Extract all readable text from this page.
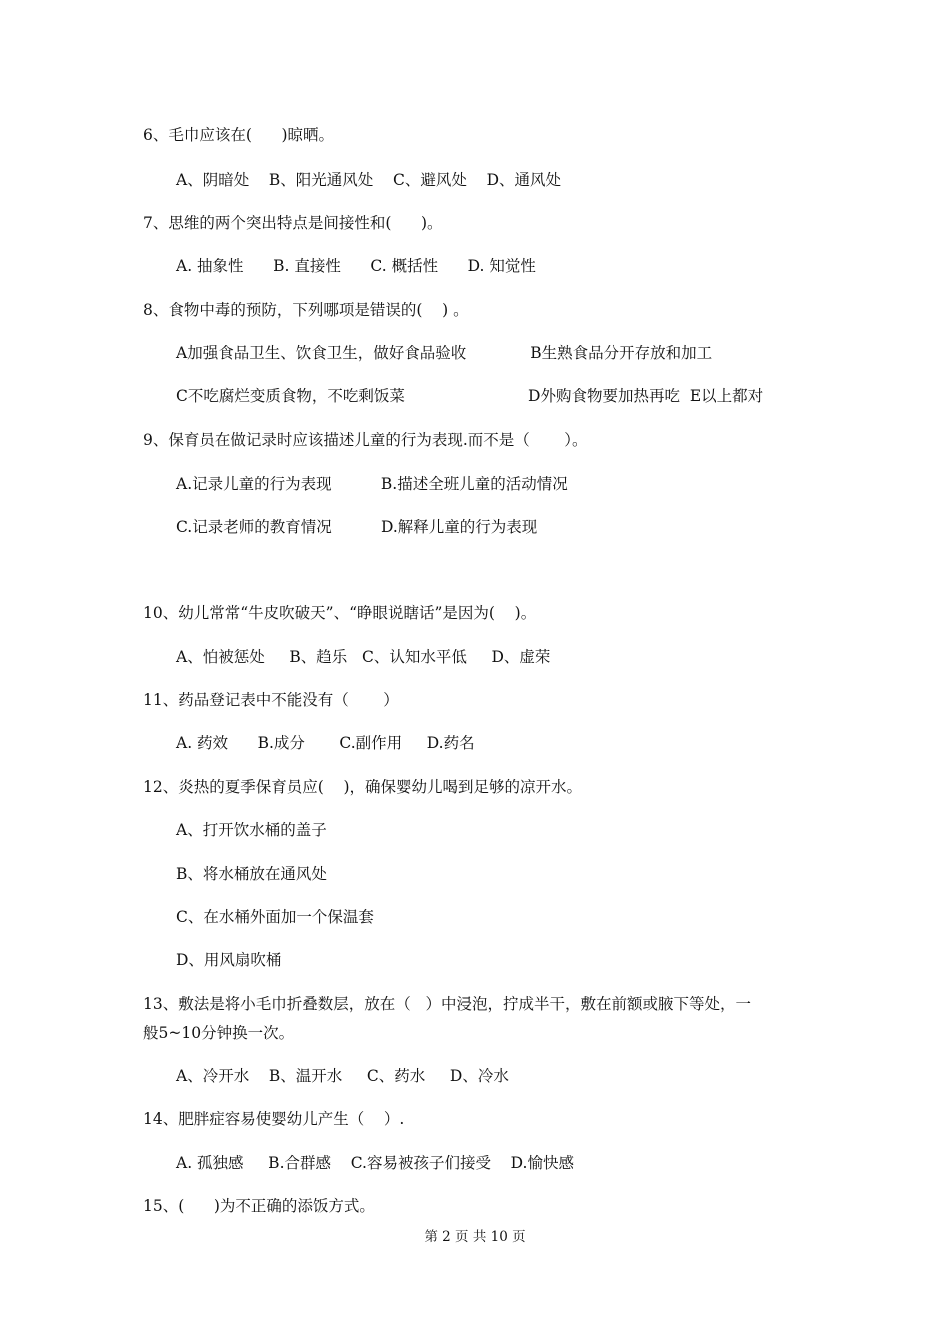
6、毛巾应该在(      )晾晒。

A、阴暗处    B、阳光通风处    C、避风处    D、通风处

7、思维的两个突出特点是间接性和(      )。

A. 抽象性      B. 直接性      C. 概括性      D. 知觉性

8、食物中毒的预防，下列哪项是错误的(    ) 。

A加强食品卫生、饮食卫生，做好食品验收             B生熟食品分开存放和加工

C不吃腐烂变质食物，不吃剩饭菜                         D外购食物要加热再吃  E以上都对

9、保育员在做记录时应该描述儿童的行为表现.而不是（       ）。

A.记录儿童的行为表现          B.描述全班儿童的活动情况

C.记录老师的教育情况          D.解释儿童的行为表现

10、幼儿常常“牛皮吹破天”、“睁眼说瞎话”是因为(    )。

A、怕被惩处     B、趋乐   C、认知水平低     D、虚荣

11、药品登记表中不能没有（       ）

A. 药效      B.成分       C.副作用     D.药名

12、炎热的夏季保育员应(    )，确保婴幼儿喝到足够的凉开水。

A、打开饮水桶的盖子

B、将水桶放在通风处

C、在水桶外面加一个保温套

D、用风扇吹桶

13、敷法是将小毛巾折叠数层，放在（   ）中浸泡，拧成半干，敷在前额或腋下等处，一

般5~10分钟换一次。

A、冷开水    B、温开水     C、药水     D、冷水

14、肥胖症容易使婴幼儿产生（    ）.

A. 孤独感     B.合群感    C.容易被孩子们接受    D.愉快感

15、(      )为不正确的添饭方式。

第 2 页 共 10 页
